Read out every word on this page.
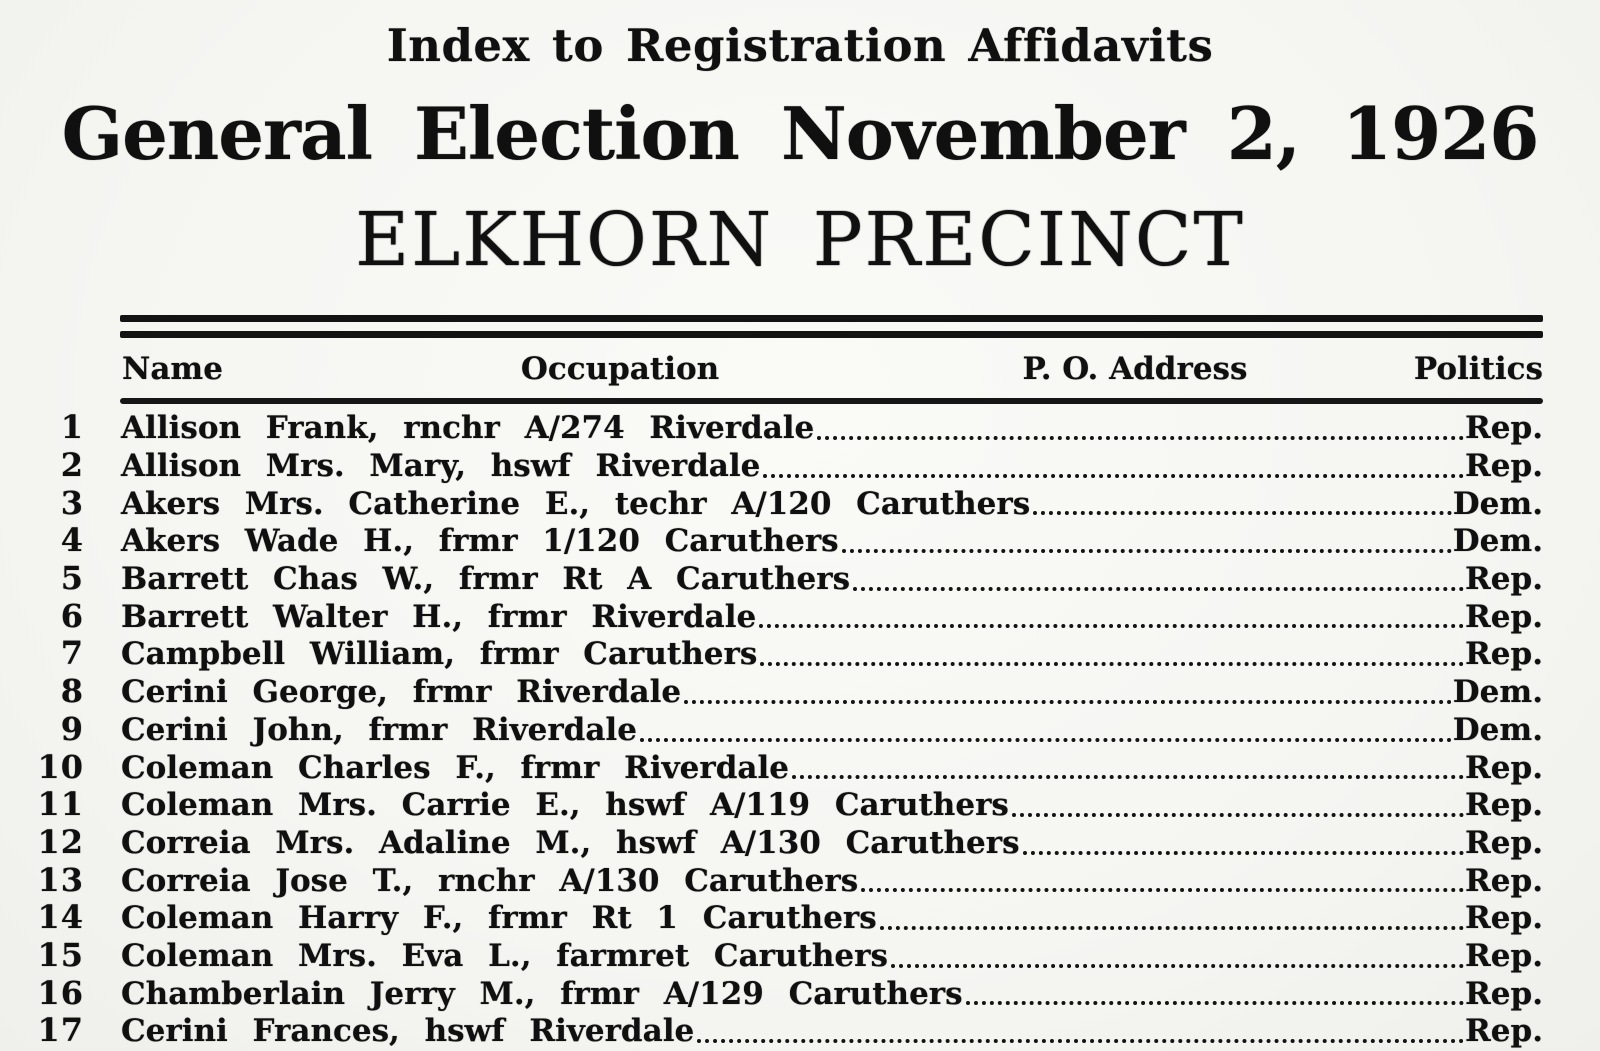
Index to Registration Affidavits
General Election November 2, 1926
ELKHORN PRECINCT
Name	Occupation	P. O. Address	Politics
1 Allison Frank, rnchr A/274 Riverdale	Rep.
2 Allison Mrs. Mary, hswf Riverdale	Rep.
3 Akers Mrs. Catherine E., techr A/120 Caruthers	Dem.
4 Akers Wade H., frmr 1/120 Caruthers	Dem.
5 Barrett Chas W., frmr Rt A Caruthers	Rep.
6 Barrett Walter H., frmr Riverdale	Rep.
7 Campbell William, frmr Caruthers	Rep.
8 Cerini George, frmr Riverdale	Dem.
9 Cerini John, frmr Riverdale	Dem.
10 Coleman Charles F., frmr Riverdale	Rep.
11 Coleman Mrs. Carrie E., hswf A/119 Caruthers	Rep.
12 Correia Mrs. Adaline M., hswf A/130 Caruthers	Rep.
13 Correia Jose T., rnchr A/130 Caruthers	Rep.
14 Coleman Harry F., frmr Rt 1 Caruthers	Rep.
15 Coleman Mrs. Eva L., farmret Caruthers	Rep.
16 Chamberlain Jerry M., frmr A/129 Caruthers	Rep.
17 Cerini Frances, hswf Riverdale	Rep.
